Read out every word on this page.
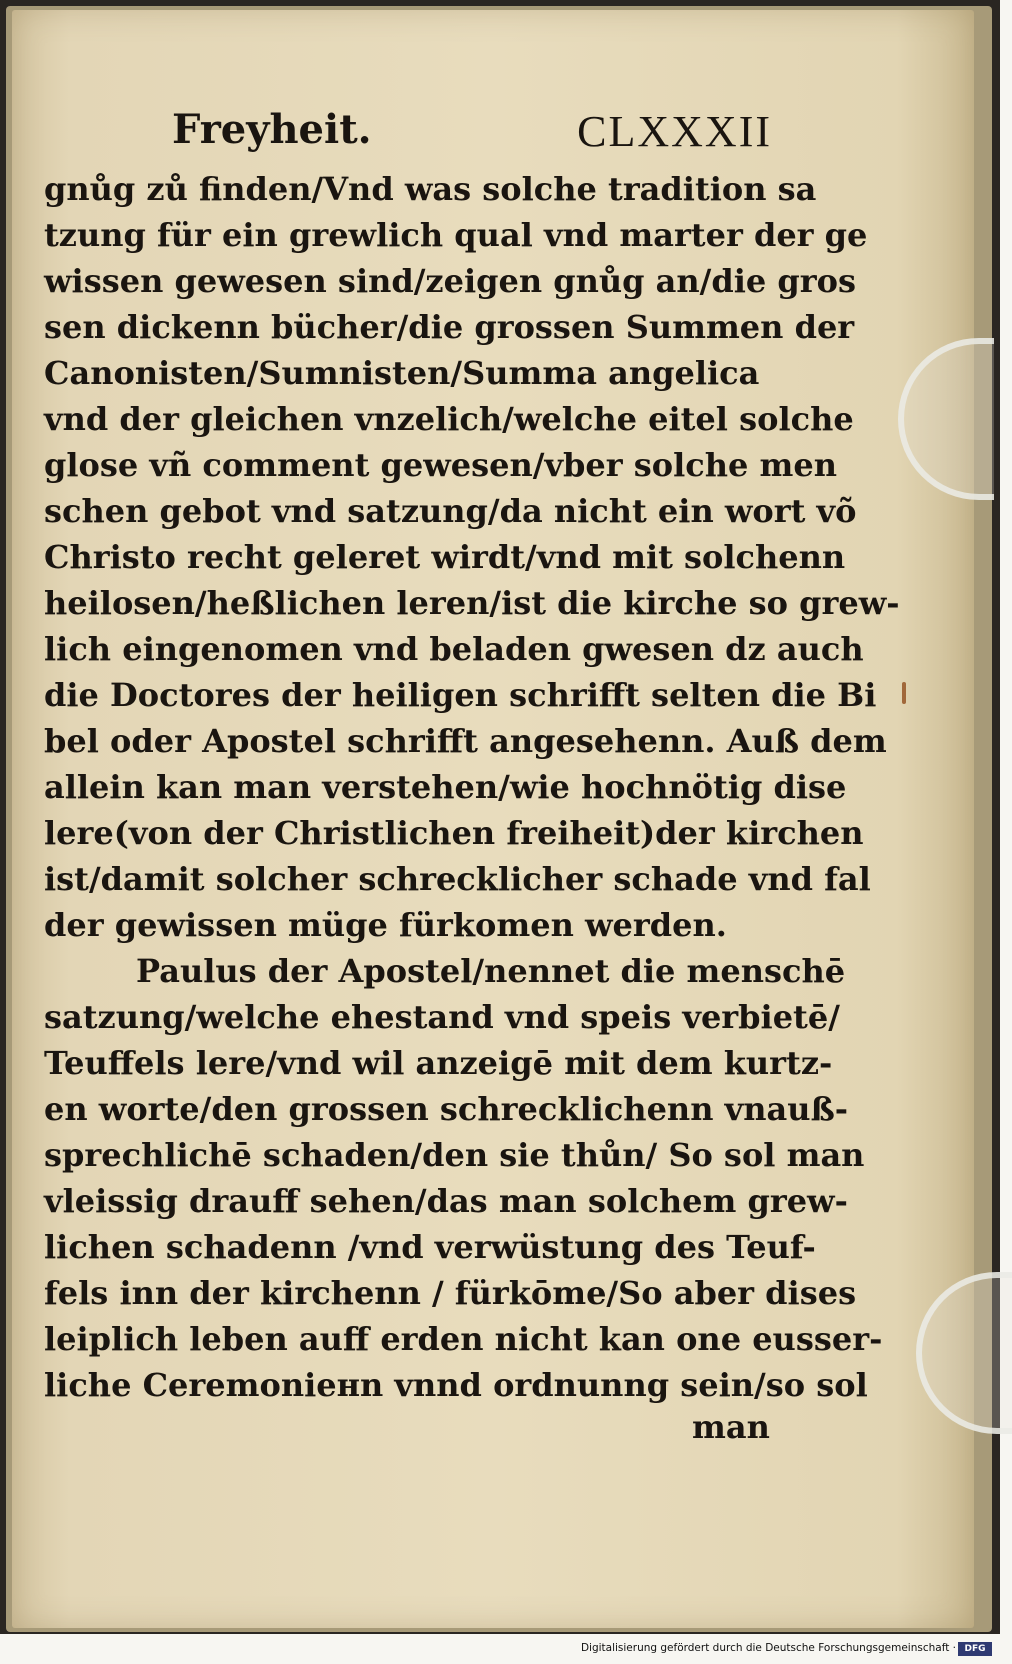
Freyheit.	CLXXXII
gnůg zů finden/Vnd was solche tradition sa
tzung für ein grewlich qual vnd marter der ge
wissen gewesen sind/zeigen gnůg an/die gros
sen dickenn bücher/die grossen Summen der
Canonisten/Sumnisten/Summa angelica
vnd der gleichen vnzelich/welche eitel solche
glose vñ comment gewesen/vber solche men
schen gebot vnd satzung/da nicht ein wort võ
Christo recht geleret wirdt/vnd mit solchenn
heilosen/heßlichen leren/ist die kirche so grew-
lich eingenomen vnd beladen gwesen dz auch
die Doctores der heiligen schrifft selten die Bi
bel oder Apostel schrifft angesehenn. Auß dem
allein kan man verstehen/wie hochnötig dise
lere(von der Christlichen freiheit)der kirchen
ist/damit solcher schrecklicher schade vnd fal
der gewissen müge fürkomen werden.
Paulus der Apostel/nennet die menschē
satzung/welche ehestand vnd speis verbietē/
Teuffels lere/vnd wil anzeigē mit dem kurtz-
en worte/den grossen schrecklichenn vnauß-
sprechlichē schaden/den sie thůn/ So sol man
vleissig drauff sehen/das man solchem grew-
lichen schadenn /vnd verwüstung des Teuf-
fels inn der kirchenn / fürkōme/So aber dises
leiplich leben auff erden nicht kan one eusser-
liche Ceremoniенn vnnd ordnunng sein/so sol
man
Digitalisierung gefördert durch die Deutsche Forschungsgemeinschaft · DFG
